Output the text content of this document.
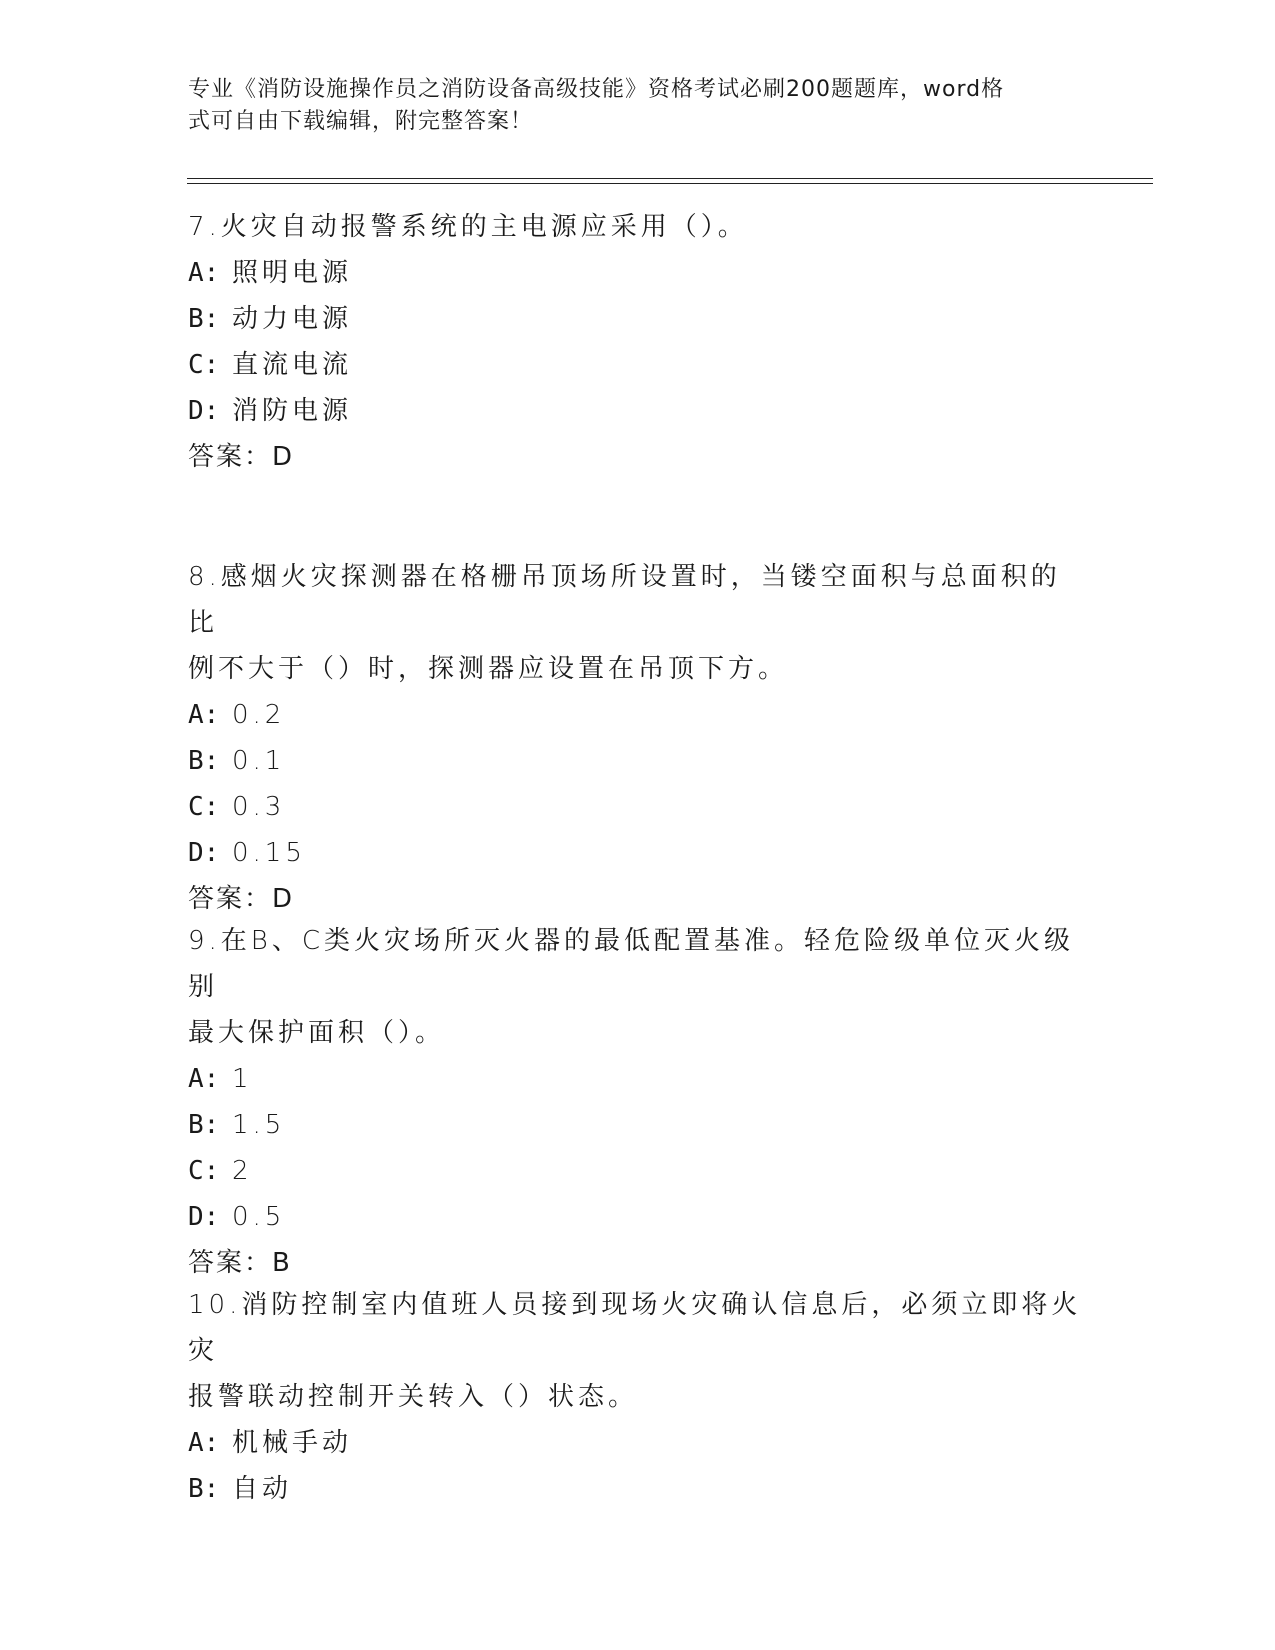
专业《消防设施操作员之消防设备高级技能》资格考试必刷200题题库，word格
式可自由下载编辑，附完整答案！

7.火灾自动报警系统的主电源应采用（）。

A: 照明电源

B: 动力电源

C: 直流电流

D: 消防电源

答案：D

8.感烟火灾探测器在格栅吊顶场所设置时，当镂空面积与总面积的比

例不大于（）时，探测器应设置在吊顶下方。

A: 0.2

B: 0.1

C: 0.3

D: 0.15

答案：D

9.在B、C类火灾场所灭火器的最低配置基准。轻危险级单位灭火级别

最大保护面积（）。

A: 1

B: 1.5

C: 2

D: 0.5

答案：B

10.消防控制室内值班人员接到现场火灾确认信息后，必须立即将火灾

报警联动控制开关转入（）状态。

A: 机械手动

B: 自动
